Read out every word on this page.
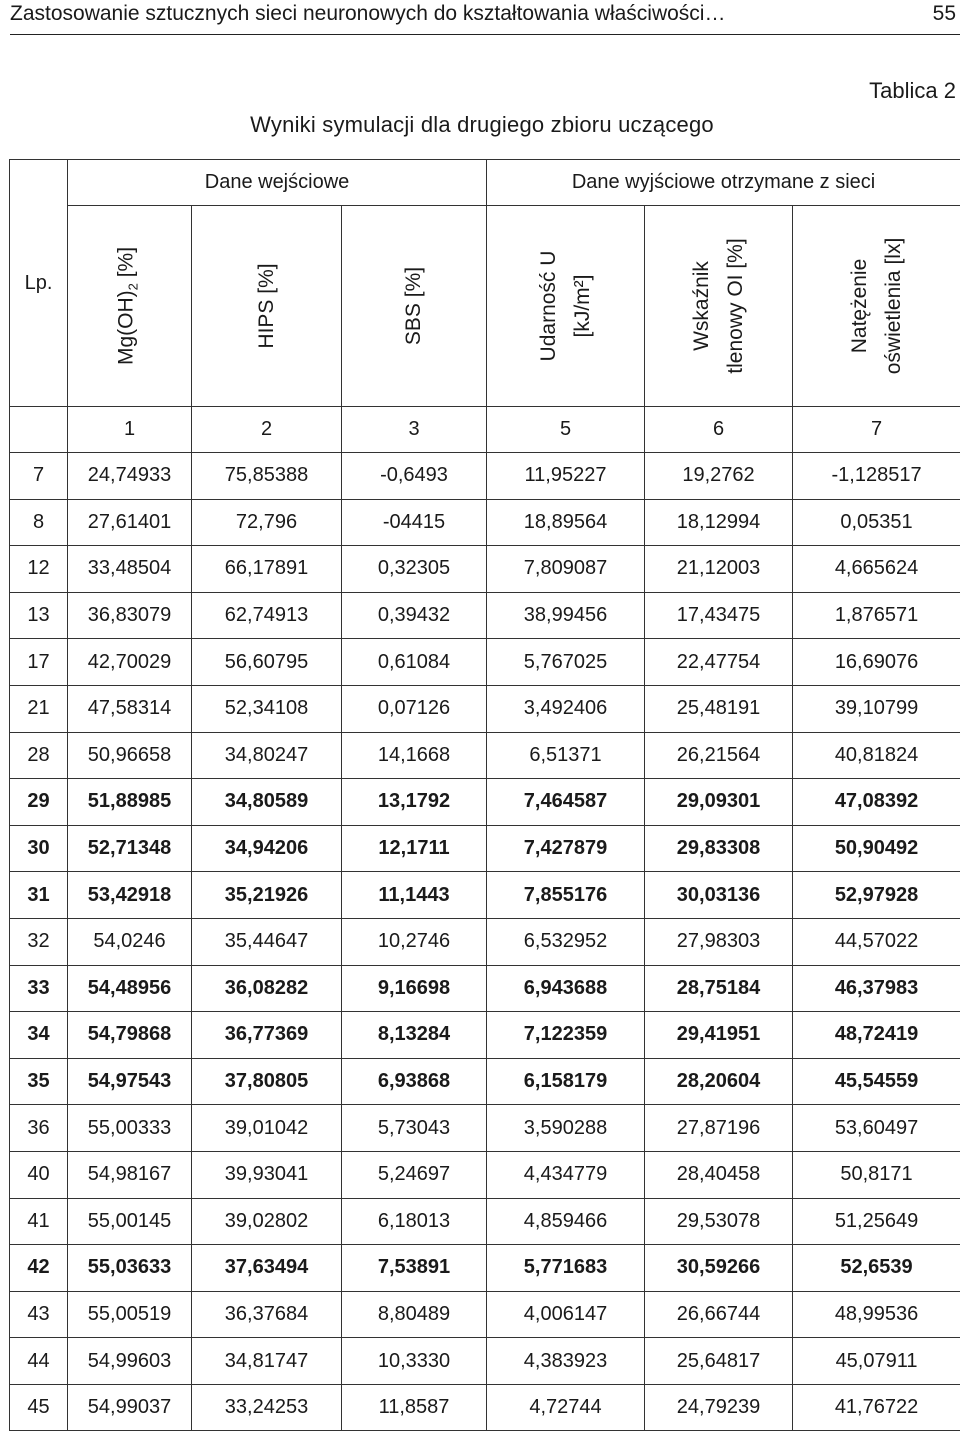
Zastosowanie sztucznych sieci neuronowych do kształtowania właściwości…	55
Tablica 2
Wyniki symulacji dla drugiego zbioru uczącego
Lp.	Dane wejściowe			Dane wyjściowe otrzymane z sieci		

	$Mg(OH)_2$ [%]	HIPS [%]	SBS [%]	Udarność U [kJ/m²]	Wskaźnik tlenowy OI [%]	Natężenie oświetlenia [lx]

	1	2	3	5	6	7
7	24,74933	75,85388	-0,6493	11,95227	19,2762	-1,128517
8	27,61401	72,796	-04415	18,89564	18,12994	0,05351
12	33,48504	66,17891	0,32305	7,809087	21,12003	4,665624
13	36,83079	62,74913	0,39432	38,99456	17,43475	1,876571
17	42,70029	56,60795	0,61084	5,767025	22,47754	16,69076
21	47,58314	52,34108	0,07126	3,492406	25,48191	39,10799
28	50,96658	34,80247	14,1668	6,51371	26,21564	40,81824
29	51,88985	34,80589	13,1792	7,464587	29,09301	47,08392
30	52,71348	34,94206	12,1711	7,427879	29,83308	50,90492
31	53,42918	35,21926	11,1443	7,855176	30,03136	52,97928
32	54,0246	35,44647	10,2746	6,532952	27,98303	44,57022
33	54,48956	36,08282	9,16698	6,943688	28,75184	46,37983
34	54,79868	36,77369	8,13284	7,122359	29,41951	48,72419
35	54,97543	37,80805	6,93868	6,158179	28,20604	45,54559
36	55,00333	39,01042	5,73043	3,590288	27,87196	53,60497
40	54,98167	39,93041	5,24697	4,434779	28,40458	50,8171
41	55,00145	39,02802	6,18013	4,859466	29,53078	51,25649
42	55,03633	37,63494	7,53891	5,771683	30,59266	52,6539
43	55,00519	36,37684	8,80489	4,006147	26,66744	48,99536
44	54,99603	34,81747	10,3330	4,383923	25,64817	45,07911
45	54,99037	33,24253	11,8587	4,72744	24,79239	41,76722
